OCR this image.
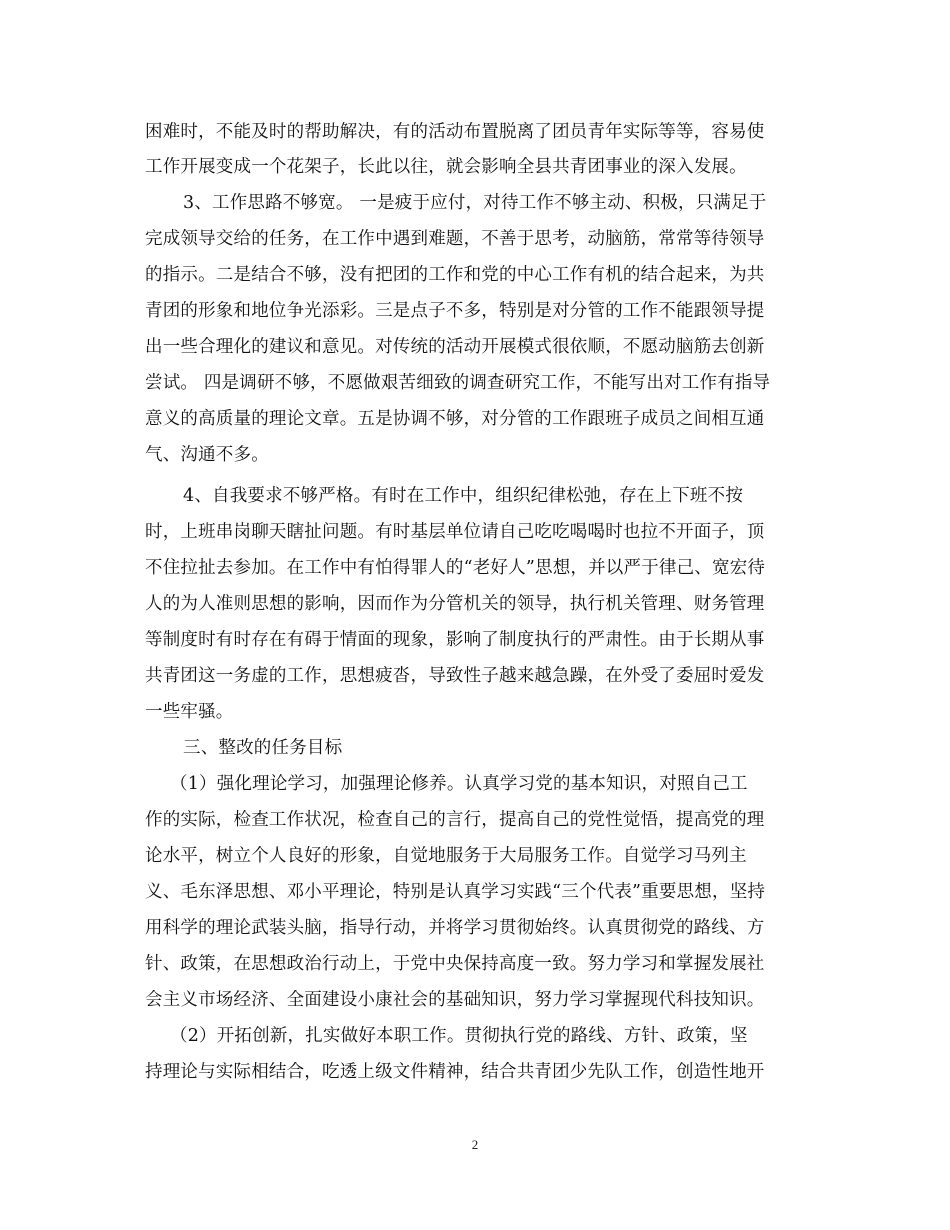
困难时，不能及时的帮助解决，有的活动布置脱离了团员青年实际等等，容易使
工作开展变成一个花架子，长此以往，就会影响全县共青团事业的深入发展。
3、工作思路不够宽。 一是疲于应付，对待工作不够主动、积极，只满足于
完成领导交给的任务，在工作中遇到难题，不善于思考，动脑筋，常常等待领导
的指示。二是结合不够，没有把团的工作和党的中心工作有机的结合起来，为共
青团的形象和地位争光添彩。三是点子不多，特别是对分管的工作不能跟领导提
出一些合理化的建议和意见。对传统的活动开展模式很依顺，不愿动脑筋去创新
尝试。 四是调研不够，不愿做艰苦细致的调查研究工作，不能写出对工作有指导
意义的高质量的理论文章。五是协调不够，对分管的工作跟班子成员之间相互通
气、沟通不多。
4、自我要求不够严格。有时在工作中，组织纪律松弛，存在上下班不按
时，上班串岗聊天瞎扯问题。有时基层单位请自己吃吃喝喝时也拉不开面子，顶
不住拉扯去参加。在工作中有怕得罪人的“老好人”思想，并以严于律己、宽宏待
人的为人准则思想的影响，因而作为分管机关的领导，执行机关管理、财务管理
等制度时有时存在有碍于情面的现象，影响了制度执行的严肃性。由于长期从事
共青团这一务虚的工作，思想疲沓，导致性子越来越急躁，在外受了委屈时爱发
一些牢骚。
三、整改的任务目标
（1）强化理论学习，加强理论修养。认真学习党的基本知识，对照自己工
作的实际，检查工作状况，检查自己的言行，提高自己的党性觉悟，提高党的理
论水平，树立个人良好的形象，自觉地服务于大局服务工作。自觉学习马列主
义、毛东泽思想、邓小平理论，特别是认真学习实践“三个代表”重要思想，坚持
用科学的理论武装头脑，指导行动，并将学习贯彻始终。认真贯彻党的路线、方
针、政策，在思想政治行动上，于党中央保持高度一致。努力学习和掌握发展社
会主义市场经济、全面建设小康社会的基础知识，努力学习掌握现代科技知识。
（2）开拓创新，扎实做好本职工作。贯彻执行党的路线、方针、政策，坚
持理论与实际相结合，吃透上级文件精神，结合共青团少先队工作，创造性地开
2
